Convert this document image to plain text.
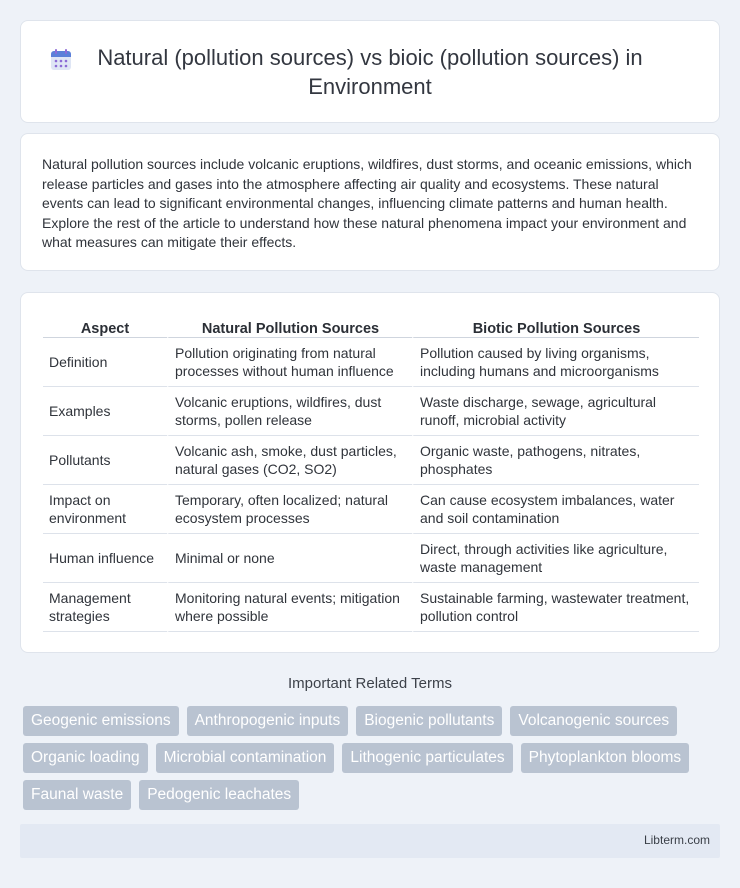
Natural (pollution sources) vs bioic (pollution sources) in Environment

Natural pollution sources include volcanic eruptions, wildfires, dust storms, and oceanic emissions, which release particles and gases into the atmosphere affecting air quality and ecosystems. These natural events can lead to significant environmental changes, influencing climate patterns and human health. Explore the rest of the article to understand how these natural phenomena impact your environment and what measures can mitigate their effects.

Aspect	Natural Pollution Sources	Biotic Pollution Sources
Definition	Pollution originating from natural processes without human influence	Pollution caused by living organisms, including humans and microorganisms
Examples	Volcanic eruptions, wildfires, dust storms, pollen release	Waste discharge, sewage, agricultural runoff, microbial activity
Pollutants	Volcanic ash, smoke, dust particles, natural gases (CO2, SO2)	Organic waste, pathogens, nitrates, phosphates
Impact on environment	Temporary, often localized; natural ecosystem processes	Can cause ecosystem imbalances, water and soil contamination
Human influence	Minimal or none	Direct, through activities like agriculture, waste management
Management strategies	Monitoring natural events; mitigation where possible	Sustainable farming, wastewater treatment, pollution control
Important Related Terms
Geogenic emissions	Anthropogenic inputs	Biogenic pollutants	Volcanogenic sources
Organic loading	Microbial contamination	Lithogenic particulates	Phytoplankton blooms
Faunal waste	Pedogenic leachates
Libterm.com
